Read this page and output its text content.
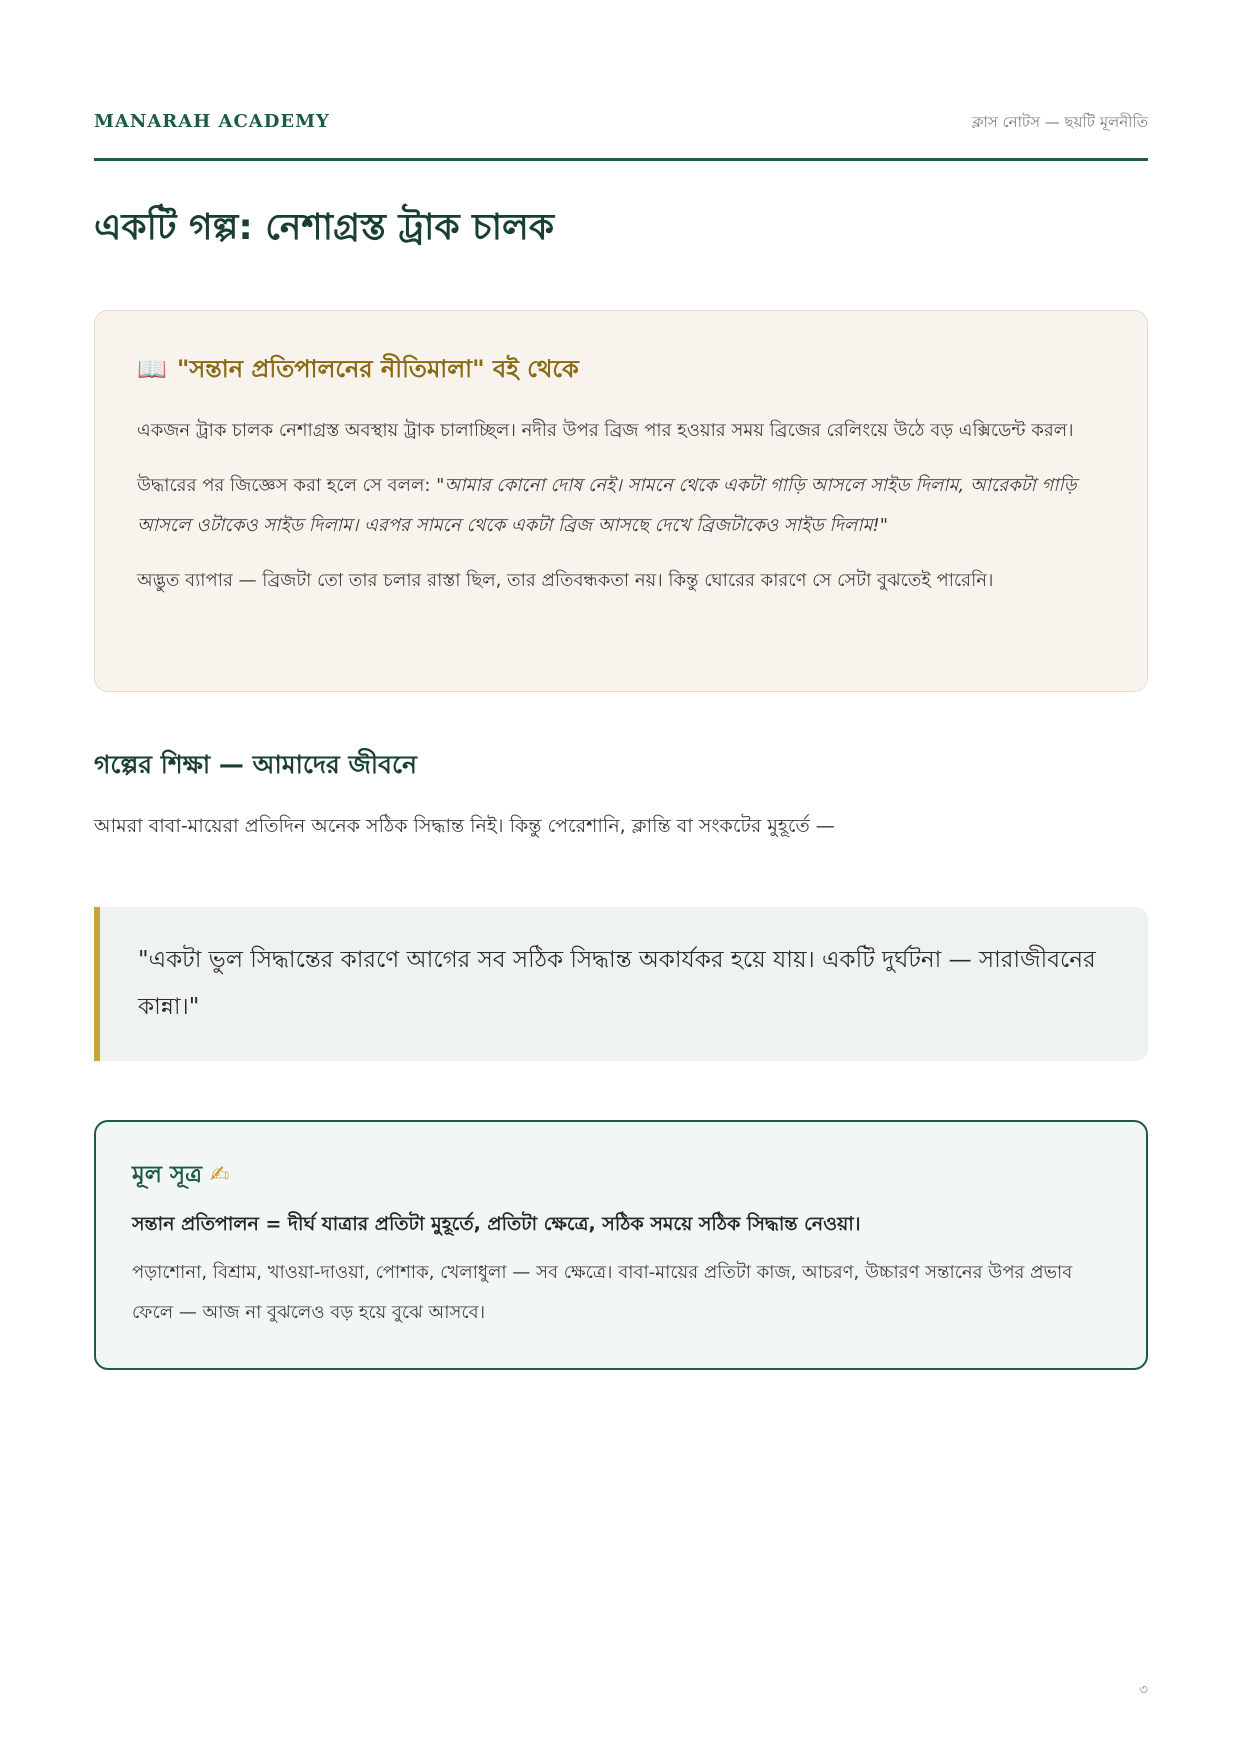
MANARAH ACADEMY	ক্লাস নোটস — ছয়টি মূলনীতি
একটি গল্প: নেশাগ্রস্ত ট্রাক চালক
📖 "সন্তান প্রতিপালনের নীতিমালা" বই থেকে

একজন ট্রাক চালক নেশাগ্রস্ত অবস্থায় ট্রাক চালাচ্ছিল। নদীর উপর ব্রিজ পার হওয়ার সময় ব্রিজের রেলিংয়ে উঠে বড় এক্সিডেন্ট করল।

উদ্ধারের পর জিজ্ঞেস করা হলে সে বলল: "আমার কোনো দোষ নেই। সামনে থেকে একটা গাড়ি আসলে সাইড দিলাম, আরেকটা গাড়ি আসলে ওটাকেও সাইড দিলাম। এরপর সামনে থেকে একটা ব্রিজ আসছে দেখে ব্রিজটাকেও সাইড দিলাম!"

অদ্ভুত ব্যাপার — ব্রিজটা তো তার চলার রাস্তা ছিল, তার প্রতিবন্ধকতা নয়। কিন্তু ঘোরের কারণে সে সেটা বুঝতেই পারেনি।

গল্পের শিক্ষা — আমাদের জীবনে

আমরা বাবা-মায়েরা প্রতিদিন অনেক সঠিক সিদ্ধান্ত নিই। কিন্তু পেরেশানি, ক্লান্তি বা সংকটের মুহূর্তে —

"একটা ভুল সিদ্ধান্তের কারণে আগের সব সঠিক সিদ্ধান্ত অকার্যকর হয়ে যায়। একটি দুর্ঘটনা — সারাজীবনের কান্না।"

মূল সূত্র ✍

সন্তান প্রতিপালন = দীর্ঘ যাত্রার প্রতিটা মুহূর্তে, প্রতিটা ক্ষেত্রে, সঠিক সময়ে সঠিক সিদ্ধান্ত নেওয়া।

পড়াশোনা, বিশ্রাম, খাওয়া-দাওয়া, পোশাক, খেলাধুলা — সব ক্ষেত্রে। বাবা-মায়ের প্রতিটা কাজ, আচরণ, উচ্চারণ সন্তানের উপর প্রভাব ফেলে — আজ না বুঝলেও বড় হয়ে বুঝে আসবে।

৩
